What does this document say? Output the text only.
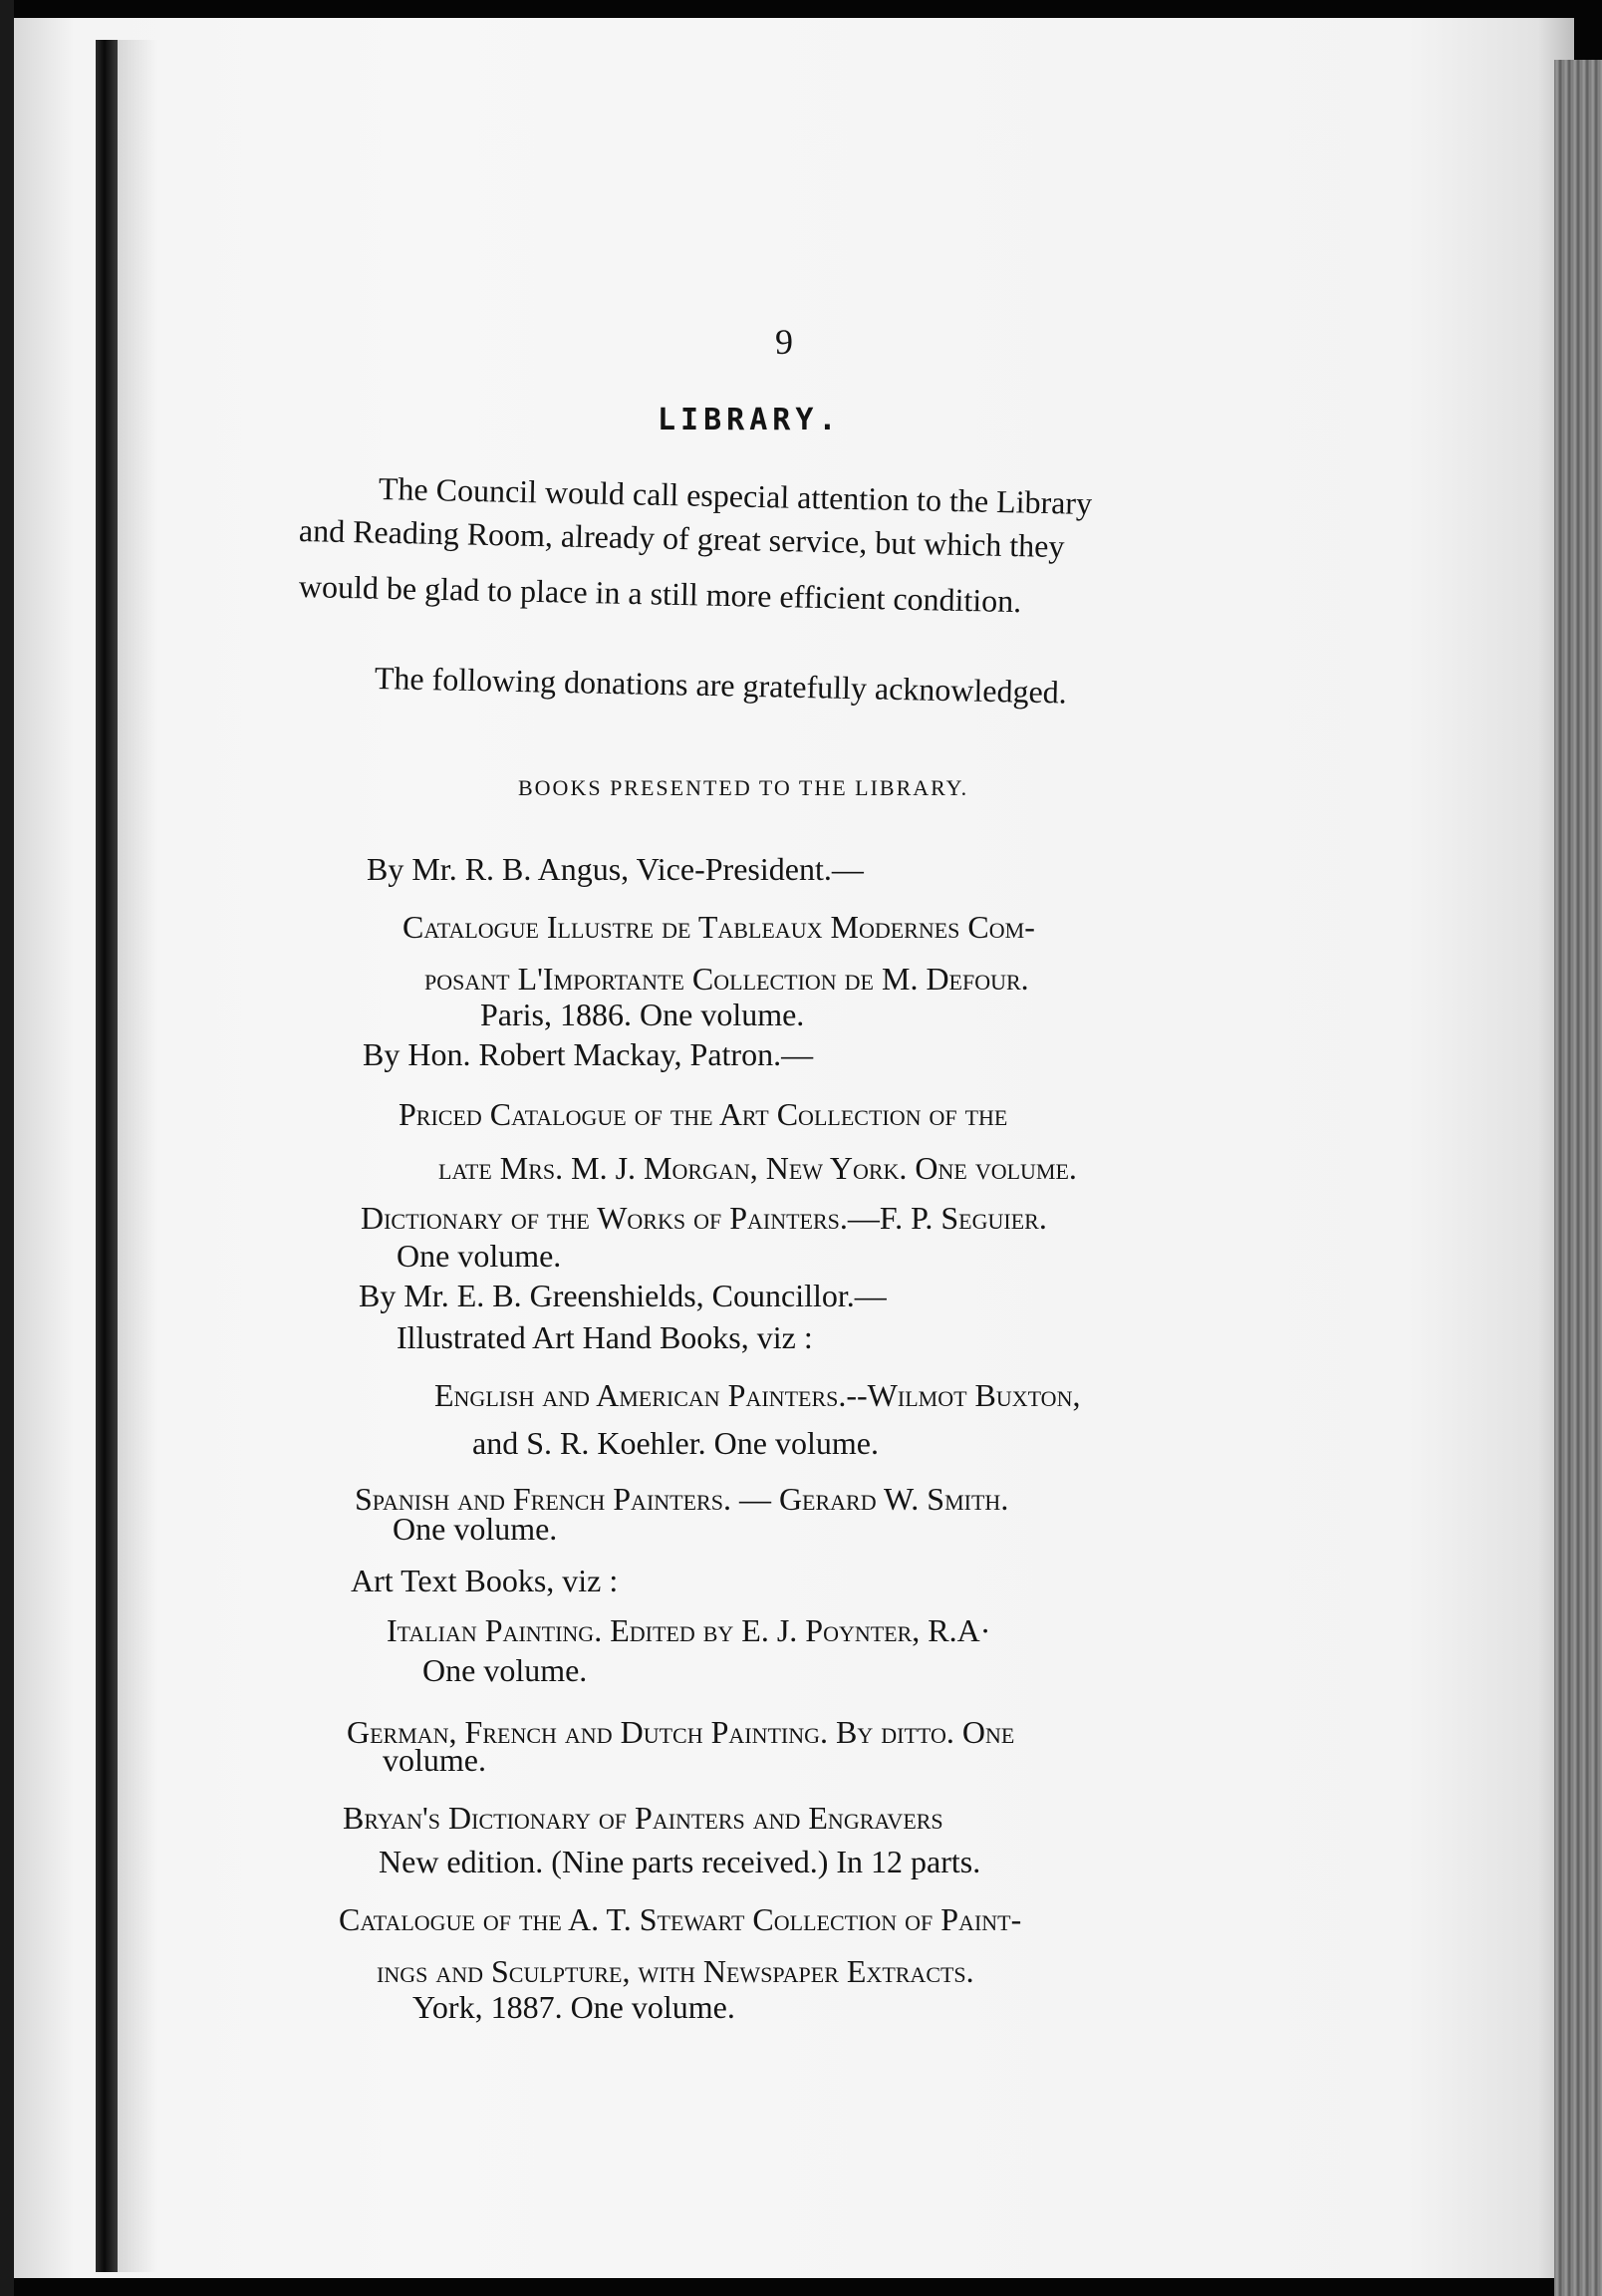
9
LIBRARY.
The Council would call especial attention to the Library
and Reading Room, already of great service, but which they
would be glad to place in a still more efficient condition.
The following donations are gratefully acknowledged.
BOOKS PRESENTED TO THE LIBRARY.
By Mr. R. B. Angus, Vice-President.—
Catalogue Illustre de Tableaux Modernes Com-
posant L'Importante Collection de M. Defour.
Paris, 1886. One volume.
By Hon. Robert Mackay, Patron.—
Priced Catalogue of the Art Collection of the
late Mrs. M. J. Morgan, New York. One volume.
Dictionary of the Works of Painters.—F. P. Seguier.
One volume.
By Mr. E. B. Greenshields, Councillor.—
Illustrated Art Hand Books, viz :
English and American Painters.--Wilmot Buxton,
and S. R. Koehler. One volume.
Spanish and French Painters. — Gerard W. Smith.
One volume.
Art Text Books, viz :
Italian Painting. Edited by E. J. Poynter, R.A·
One volume.
German, French and Dutch Painting. By ditto. One
volume.
Bryan's Dictionary of Painters and Engravers
New edition. (Nine parts received.) In 12 parts.
Catalogue of the A. T. Stewart Collection of Paint-
ings and Sculpture, with Newspaper Extracts.
York, 1887. One volume.
